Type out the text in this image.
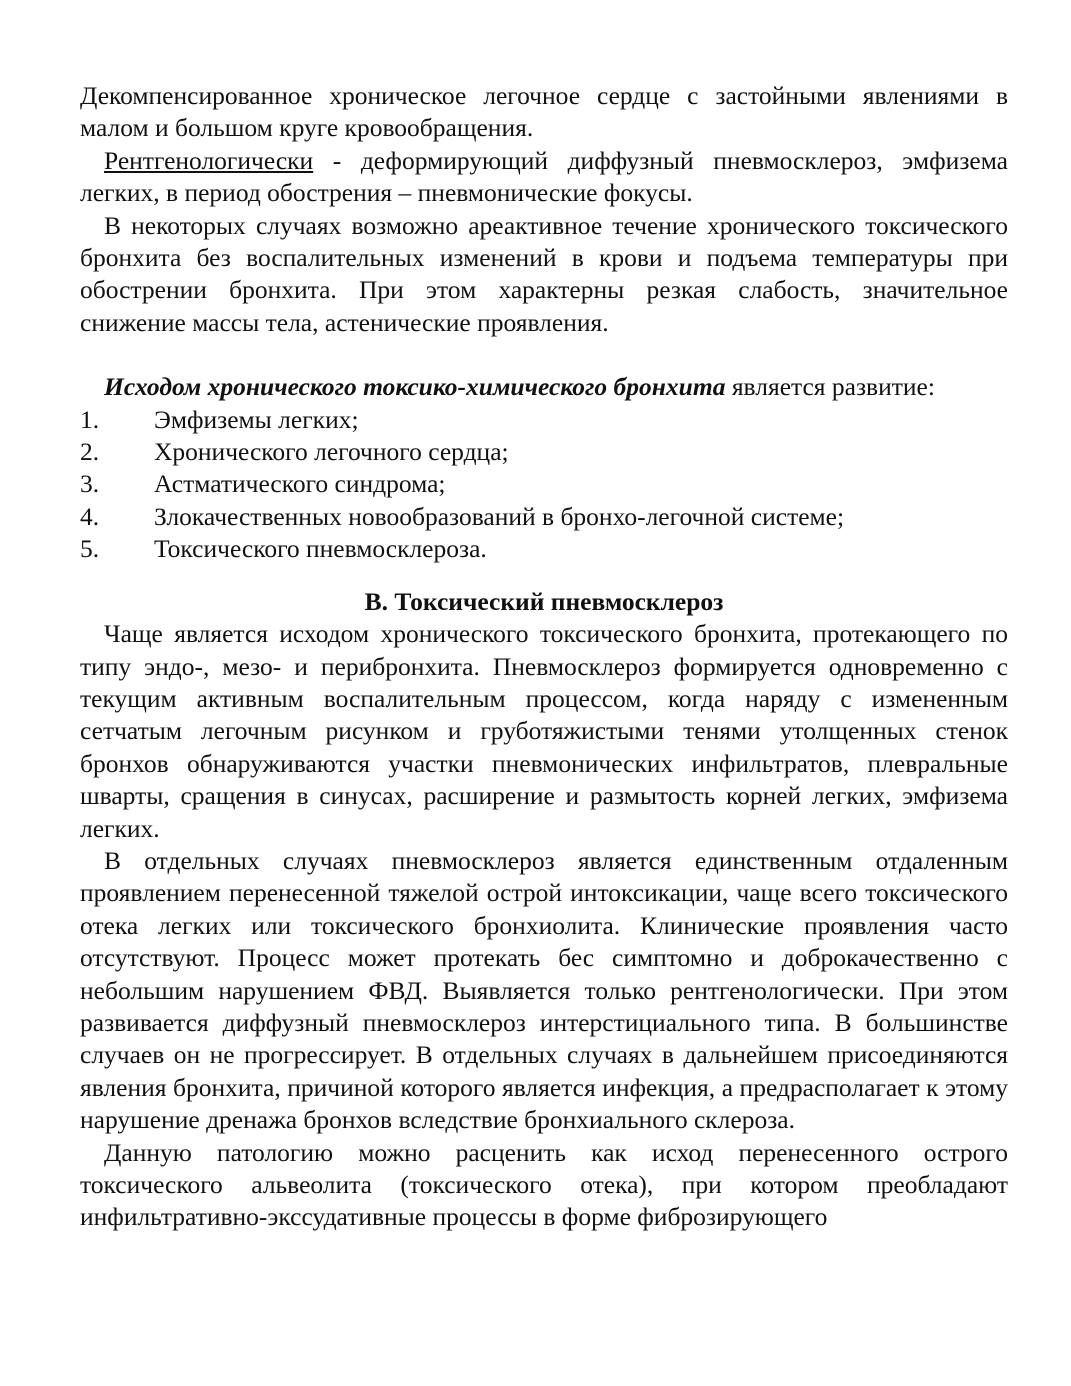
Декомпенсированное хроническое легочное сердце с застойными явлениями в малом и большом круге кровообращения.

Рентгенологически - деформирующий диффузный пневмосклероз, эмфизема легких, в период обострения – пневмонические фокусы.

В некоторых случаях возможно ареактивное течение хронического токсического бронхита без воспалительных изменений в крови и подъема температуры при обострении бронхита. При этом характерны резкая слабость, значительное снижение массы тела, астенические проявления.

Исходом хронического токсико-химического бронхита является развитие:

1.	Эмфиземы легких;
2.	Хронического легочного сердца;
3.	Астматического синдрома;
4.	Злокачественных новообразований в бронхо-легочной системе;
5.	Токсического пневмосклероза.

В. Токсический пневмосклероз

Чаще является исходом хронического токсического бронхита, протекающего по типу эндо-, мезо- и перибронхита. Пневмосклероз формируется одновременно с текущим активным воспалительным процессом, когда наряду с измененным сетчатым легочным рисунком и груботяжистыми тенями утолщенных стенок бронхов обнаруживаются участки пневмонических инфильтратов, плевральные шварты, сращения в синусах, расширение и размытость корней легких, эмфизема легких.

В отдельных случаях пневмосклероз является единственным отдаленным проявлением перенесенной тяжелой острой интоксикации, чаще всего токсического отека легких или токсического бронхиолита. Клинические проявления часто отсутствуют. Процесс может протекать бес симптомно и доброкачественно с небольшим нарушением ФВД. Выявляется только рентгенологически. При этом развивается диффузный пневмосклероз интерстициального типа. В большинстве случаев он не прогрессирует. В отдельных случаях в дальнейшем присоединяются явления бронхита, причиной которого является инфекция, а предрасполагает к этому нарушение дренажа бронхов вследствие бронхиального склероза.

Данную патологию можно расценить как исход перенесенного острого токсического альвеолита (токсического отека), при котором преобладают инфильтративно-экссудативные процессы в форме фиброзирующего
